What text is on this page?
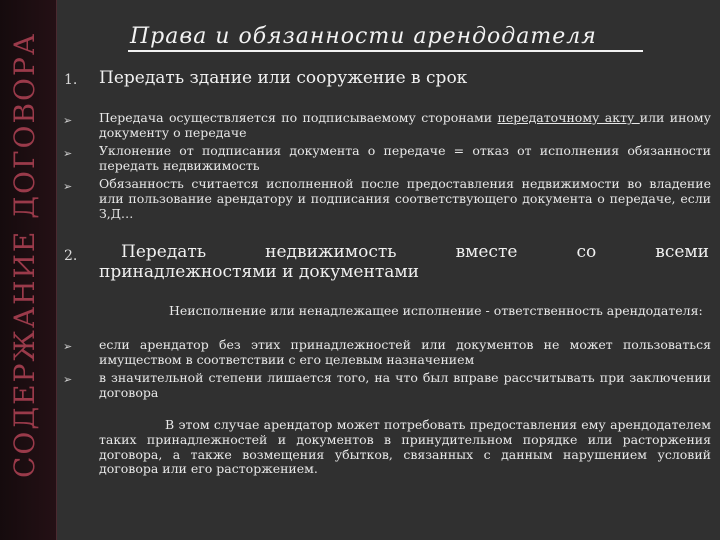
СОДЕРЖАНИЕ ДОГОВОРА	Права и обязанности арендодателя
1. Передать здание или сооружение в срок
➢ Передача осуществляется по подписываемому сторонами передаточному акту или иному документу о передаче

➢ Уклонение от подписания документа о передаче = отказ от исполнения обязанности передать недвижимость

➢ Обязанность считается исполненной после предоставления недвижимости во владение или пользование арендатору и подписания соответствующего документа о передаче, если З,Д…

2.	Передать недвижимость вместе со всеми
принадлежностями и документами

Неисполнение или ненадлежащее исполнение - ответственность арендодателя:

➢ если арендатор без этих принадлежностей или документов не может пользоваться имуществом в соответствии с его целевым назначением

➢ в значительной степени лишается того, на что был вправе рассчитывать при заключении договора

В этом случае арендатор может потребовать предоставления ему арендодателем таких принадлежностей и документов в принудительном порядке или расторжения договора, а также возмещения убытков, связанных с данным нарушением условий договора или его расторжением.
